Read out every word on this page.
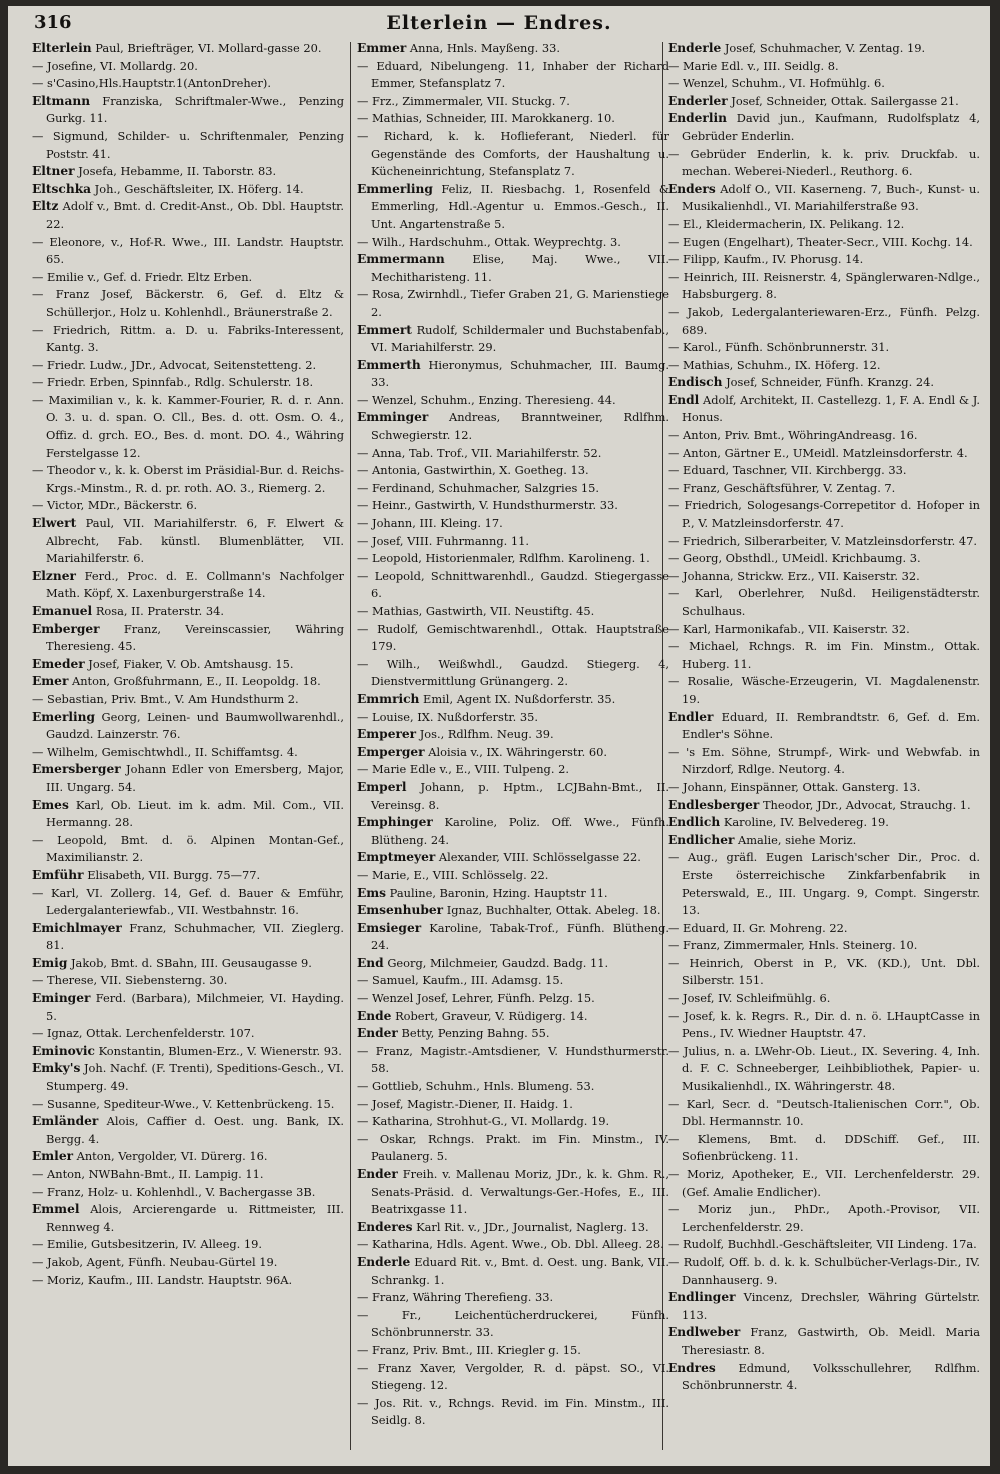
316	Elterlein — Endres.

Elterlein Paul, Briefträger, VI. Mollard-gasse 20.

— Josefine, VI. Mollardg. 20.

— s'Casino,Hls.Hauptstr.1(AntonDreher).

Eltmann Franziska, Schriftmaler-Wwe., Penzing Gurkg. 11.

— Sigmund, Schilder- u. Schriftenmaler, Penzing Poststr. 41.

Eltner Josefa, Hebamme, II. Taborstr. 83.

Eltschka Joh., Geschäftsleiter, IX. Höferg. 14.

Eltz Adolf v., Bmt. d. Credit-Anst., Ob. Dbl. Hauptstr. 22.

— Eleonore, v., Hof-R. Wwe., III. Landstr. Hauptstr. 65.

— Emilie v., Gef. d. Friedr. Eltz Erben.

— Franz Josef, Bäckerstr. 6, Gef. d. Eltz & Schüllerjor., Holz u. Kohlenhdl., Bräunerstraße 2.

— Friedrich, Rittm. a. D. u. Fabriks-Interessent, Kantg. 3.

— Friedr. Ludw., JDr., Advocat, Seitenstetteng. 2.

— Friedr. Erben, Spinnfab., Rdlg. Schulerstr. 18.

— Maximilian v., k. k. Kammer-Fourier, R. d. r. Ann. O. 3. u. d. span. O. Cll., Bes. d. ott. Osm. O. 4., Offiz. d. grch. EO., Bes. d. mont. DO. 4., Währing Ferstelgasse 12.

— Theodor v., k. k. Oberst im Präsidial-Bur. d. Reichs-Krgs.-Minstm., R. d. pr. roth. AO. 3., Riemerg. 2.

— Victor, MDr., Bäckerstr. 6.

Elwert Paul, VII. Mariahilferstr. 6, F. Elwert & Albrecht, Fab. künstl. Blumenblätter, VII. Mariahilferstr. 6.

Elzner Ferd., Proc. d. E. Collmann's Nachfolger Math. Köpf, X. Laxenburgerstraße 14.

Emanuel Rosa, II. Praterstr. 34.

Emberger Franz, Vereinscassier, Währing Theresieng. 45.

Emeder Josef, Fiaker, V. Ob. Amtshausg. 15.

Emer Anton, Großfuhrmann, E., II. Leopoldg. 18.

— Sebastian, Priv. Bmt., V. Am Hundsthurm 2.

Emerling Georg, Leinen- und Baumwollwarenhdl., Gaudzd. Lainzerstr. 76.

— Wilhelm, Gemischtwhdl., II. Schiffamtsg. 4.

Emersberger Johann Edler von Emersberg, Major, III. Ungarg. 54.

Emes Karl, Ob. Lieut. im k. adm. Mil. Com., VII. Hermanng. 28.

— Leopold, Bmt. d. ö. Alpinen Montan-Gef., Maximilianstr. 2.

Emführ Elisabeth, VII. Burgg. 75—77.

— Karl, VI. Zollerg. 14, Gef. d. Bauer & Emführ, Ledergalanteriewfab., VII. Westbahnstr. 16.

Emichlmayer Franz, Schuhmacher, VII. Zieglerg. 81.

Emig Jakob, Bmt. d. SBahn, III. Geusaugasse 9.

— Therese, VII. Siebensterng. 30.

Eminger Ferd. (Barbara), Milchmeier, VI. Hayding. 5.

— Ignaz, Ottak. Lerchenfelderstr. 107.

Eminovic Konstantin, Blumen-Erz., V. Wienerstr. 93.

Emky's Joh. Nachf. (F. Trenti), Speditions-Gesch., VI. Stumperg. 49.

— Susanne, Spediteur-Wwe., V. Kettenbrückeng. 15.

Emländer Alois, Caffier d. Oest. ung. Bank, IX. Bergg. 4.

Emler Anton, Vergolder, VI. Dürerg. 16.

— Anton, NWBahn-Bmt., II. Lampig. 11.

— Franz, Holz- u. Kohlenhdl., V. Bachergasse 3B.

Emmel Alois, Arcierengarde u. Rittmeister, III. Rennweg 4.

— Emilie, Gutsbesitzerin, IV. Alleeg. 19.

— Jakob, Agent, Fünfh. Neubau-Gürtel 19.

— Moriz, Kaufm., III. Landstr. Hauptstr. 96A.

Emmer Anna, Hnls. Mayßeng. 33.

— Eduard, Nibelungeng. 11, Inhaber der Richard Emmer, Stefansplatz 7.

— Frz., Zimmermaler, VII. Stuckg. 7.

— Mathias, Schneider, III. Marokkanerg. 10.

— Richard, k. k. Hoflieferant, Niederl. für Gegenstände des Comforts, der Haushaltung u. Kücheneinrichtung, Stefansplatz 7.

Emmerling Feliz, II. Riesbachg. 1, Rosenfeld & Emmerling, Hdl.-Agentur u. Emmos.-Gesch., II. Unt. Angartenstraße 5.

— Wilh., Hardschuhm., Ottak. Weyprechtg. 3.

Emmermann Elise, Maj. Wwe., VII. Mechitharisteng. 11.

— Rosa, Zwirnhdl., Tiefer Graben 21, G. Marienstiege 2.

Emmert Rudolf, Schildermaler und Buchstabenfab., VI. Mariahilferstr. 29.

Emmerth Hieronymus, Schuhmacher, III. Baumg. 33.

— Wenzel, Schuhm., Enzing. Theresieng. 44.

Emminger Andreas, Branntweiner, Rdlfhm. Schwegierstr. 12.

— Anna, Tab. Trof., VII. Mariahilferstr. 52.

— Antonia, Gastwirthin, X. Goetheg. 13.

— Ferdinand, Schuhmacher, Salzgries 15.

— Heinr., Gastwirth, V. Hundsthurmerstr. 33.

— Johann, III. Kleing. 17.

— Josef, VIII. Fuhrmanng. 11.

— Leopold, Historienmaler, Rdlfhm. Karolineng. 1.

— Leopold, Schnittwarenhdl., Gaudzd. Stiegergasse 6.

— Mathias, Gastwirth, VII. Neustiftg. 45.

— Rudolf, Gemischtwarenhdl., Ottak. Hauptstraße 179.

— Wilh., Weißwhdl., Gaudzd. Stiegerg. 4, Dienstvermittlung Grünangerg. 2.

Emmrich Emil, Agent IX. Nußdorferstr. 35.

— Louise, IX. Nußdorferstr. 35.

Emperer Jos., Rdlfhm. Neug. 39.

Emperger Aloisia v., IX. Währingerstr. 60.

— Marie Edle v., E., VIII. Tulpeng. 2.

Emperl Johann, p. Hptm., LCJBahn-Bmt., II. Vereinsg. 8.

Emphinger Karoline, Poliz. Off. Wwe., Fünfh. Blütheng. 24.

Emptmeyer Alexander, VIII. Schlösselgasse 22.

— Marie, E., VIII. Schlösselg. 22.

Ems Pauline, Baronin, Hzing. Hauptstr 11.

Emsenhuber Ignaz, Buchhalter, Ottak. Abeleg. 18.

Emsieger Karoline, Tabak-Trof., Fünfh. Blütheng. 24.

End Georg, Milchmeier, Gaudzd. Badg. 11.

— Samuel, Kaufm., III. Adamsg. 15.

— Wenzel Josef, Lehrer, Fünfh. Pelzg. 15.

Ende Robert, Graveur, V. Rüdigerg. 14.

Ender Betty, Penzing Bahng. 55.

— Franz, Magistr.-Amtsdiener, V. Hundsthurmerstr. 58.

— Gottlieb, Schuhm., Hnls. Blumeng. 53.

— Josef, Magistr.-Diener, II. Haidg. 1.

— Katharina, Strohhut-G., VI. Mollardg. 19.

— Oskar, Rchngs. Prakt. im Fin. Minstm., IV. Paulanerg. 5.

Ender Freih. v. Mallenau Moriz, JDr., k. k. Ghm. R., Senats-Präsid. d. Verwaltungs-Ger.-Hofes, E., III. Beatrixgasse 11.

Enderes Karl Rit. v., JDr., Journalist, Naglerg. 13.

— Katharina, Hdls. Agent. Wwe., Ob. Dbl. Alleeg. 28.

Enderle Eduard Rit. v., Bmt. d. Oest. ung. Bank, VII. Schrankg. 1.

— Franz, Währing Therefieng. 33.

— Fr., Leichentücherdruckerei, Fünfh. Schönbrunnerstr. 33.

— Franz, Priv. Bmt., III. Kriegler g. 15.

— Franz Xaver, Vergolder, R. d. päpst. SO., VI. Stiegeng. 12.

— Jos. Rit. v., Rchngs. Revid. im Fin. Minstm., III. Seidlg. 8.

Enderle Josef, Schuhmacher, V. Zentag. 19.

— Marie Edl. v., III. Seidlg. 8.

— Wenzel, Schuhm., VI. Hofmühlg. 6.

Enderler Josef, Schneider, Ottak. Sailergasse 21.

Enderlin David jun., Kaufmann, Rudolfsplatz 4, Gebrüder Enderlin.

— Gebrüder Enderlin, k. k. priv. Druckfab. u. mechan. Weberei-Niederl., Reuthorg. 6.

Enders Adolf O., VII. Kaserneng. 7, Buch-, Kunst- u. Musikalienhdl., VI. Mariahilferstraße 93.

— El., Kleidermacherin, IX. Pelikang. 12.

— Eugen (Engelhart), Theater-Secr., VIII. Kochg. 14.

— Filipp, Kaufm., IV. Phorusg. 14.

— Heinrich, III. Reisnerstr. 4, Spänglerwaren-Ndlge., Habsburgerg. 8.

— Jakob, Ledergalanteriewaren-Erz., Fünfh. Pelzg. 689.

— Karol., Fünfh. Schönbrunnerstr. 31.

— Mathias, Schuhm., IX. Höferg. 12.

Endisch Josef, Schneider, Fünfh. Kranzg. 24.

Endl Adolf, Architekt, II. Castellezg. 1, F. A. Endl & J. Honus.

— Anton, Priv. Bmt., WöhringAndreasg. 16.

— Anton, Gärtner E., UMeidl. Matzleinsdorferstr. 4.

— Eduard, Taschner, VII. Kirchbergg. 33.

— Franz, Geschäftsführer, V. Zentag. 7.

— Friedrich, Sologesangs-Correpetitor d. Hofoper in P., V. Matzleinsdorferstr. 47.

— Friedrich, Silberarbeiter, V. Matzleinsdorferstr. 47.

— Georg, Obsthdl., UMeidl. Krichbaumg. 3.

— Johanna, Strickw. Erz., VII. Kaiserstr. 32.

— Karl, Oberlehrer, Nußd. Heiligenstädterstr. Schulhaus.

— Karl, Harmonikafab., VII. Kaiserstr. 32.

— Michael, Rchngs. R. im Fin. Minstm., Ottak. Huberg. 11.

— Rosalie, Wäsche-Erzeugerin, VI. Magdalenenstr. 19.

Endler Eduard, II. Rembrandtstr. 6, Gef. d. Em. Endler's Söhne.

— 's Em. Söhne, Strumpf-, Wirk- und Webwfab. in Nirzdorf, Rdlge. Neutorg. 4.

— Johann, Einspänner, Ottak. Gansterg. 13.

Endlesberger Theodor, JDr., Advocat, Strauchg. 1.

Endlich Karoline, IV. Belvedereg. 19.

Endlicher Amalie, siehe Moriz.

— Aug., gräfl. Eugen Larisch'scher Dir., Proc. d. Erste österreichische Zinkfarbenfabrik in Peterswald, E., III. Ungarg. 9, Compt. Singerstr. 13.

— Eduard, II. Gr. Mohreng. 22.

— Franz, Zimmermaler, Hnls. Steinerg. 10.

— Heinrich, Oberst in P., VK. (KD.), Unt. Dbl. Silberstr. 151.

— Josef, IV. Schleifmühlg. 6.

— Josef, k. k. Regrs. R., Dir. d. n. ö. LHauptCasse in Pens., IV. Wiedner Hauptstr. 47.

— Julius, n. a. LWehr-Ob. Lieut., IX. Severing. 4, Inh. d. F. C. Schneeberger, Leihbibliothek, Papier- u. Musikalienhdl., IX. Währingerstr. 48.

— Karl, Secr. d. "Deutsch-Italienischen Corr.", Ob. Dbl. Hermannstr. 10.

— Klemens, Bmt. d. DDSchiff. Gef., III. Sofienbrückeng. 11.

— Moriz, Apotheker, E., VII. Lerchenfelderstr. 29. (Gef. Amalie Endlicher).

— Moriz jun., PhDr., Apoth.-Provisor, VII. Lerchenfelderstr. 29.

— Rudolf, Buchhdl.-Geschäftsleiter, VII Lindeng. 17a.

— Rudolf, Off. b. d. k. k. Schulbücher-Verlags-Dir., IV. Dannhauserg. 9.

Endlinger Vincenz, Drechsler, Währing Gürtelstr. 113.

Endlweber Franz, Gastwirth, Ob. Meidl. Maria Theresiastr. 8.

Endres Edmund, Volksschullehrer, Rdlfhm. Schönbrunnerstr. 4.
